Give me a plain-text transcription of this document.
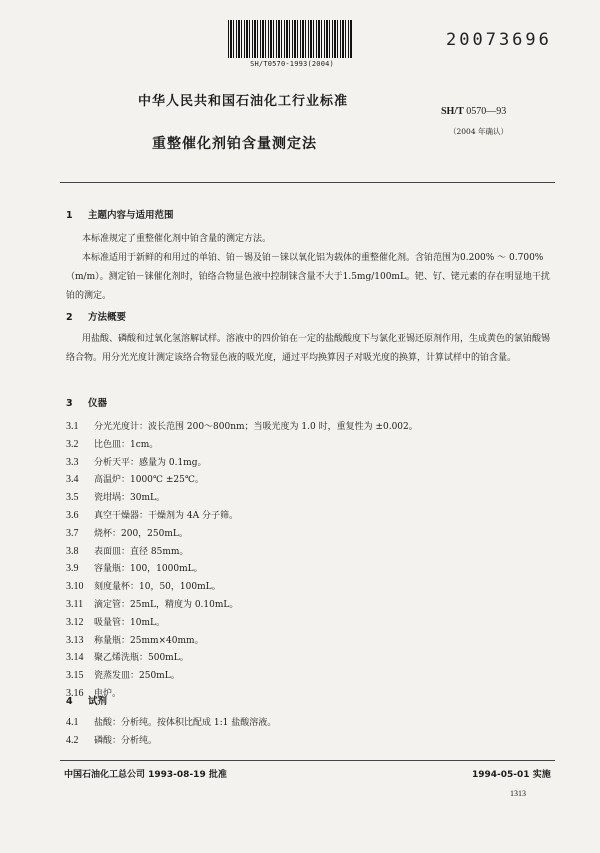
SH/T0570-1993(2004)
20073696
中华人民共和国石油化工行业标准
SH/T 0570—93
（2004 年确认）
重整催化剂铂含量测定法
1 主题内容与适用范围
本标准规定了重整催化剂中铂含量的测定方法。
本标准适用于新鲜的和用过的单铂、铂－锡及铂－铼以氧化铝为载体的重整催化剂。含铂范围为0.200% ～ 0.700%（m/m）。测定铂－铼催化剂时，铂络合物显色液中控制铼含量不大于1.5mg/100mL。钯、钌、铑元素的存在明显地干扰铂的测定。
2 方法概要
用盐酸、磷酸和过氧化氢溶解试样。溶液中的四价铂在一定的盐酸酸度下与氯化亚锡还原剂作用，生成黄色的氯铂酸锡络合物。用分光光度计测定该络合物显色液的吸光度，通过平均换算因子对吸光度的换算，计算试样中的铂含量。
3 仪器
3.1 分光光度计：波长范围 200～800nm；当吸光度为 1.0 时，重复性为 ±0.002。
3.2 比色皿：1cm。
3.3 分析天平：感量为 0.1mg。
3.4 高温炉：1000℃ ±25℃。
3.5 瓷坩埚：30mL。
3.6 真空干燥器：干燥剂为 4A 分子筛。
3.7 烧杯：200，250mL。
3.8 表面皿：直径 85mm。
3.9 容量瓶：100，1000mL。
3.10 刻度量杯：10，50，100mL。
3.11 滴定管：25mL，精度为 0.10mL。
3.12 吸量管：10mL。
3.13 称量瓶：25mm×40mm。
3.14 聚乙烯洗瓶：500mL。
3.15 瓷蒸发皿：250mL。
3.16 电炉。
4 试剂
4.1 盐酸：分析纯。按体积比配成 1:1 盐酸溶液。
4.2 磷酸：分析纯。
中国石油化工总公司 1993-08-19 批准	1994-05-01 实施
1313
